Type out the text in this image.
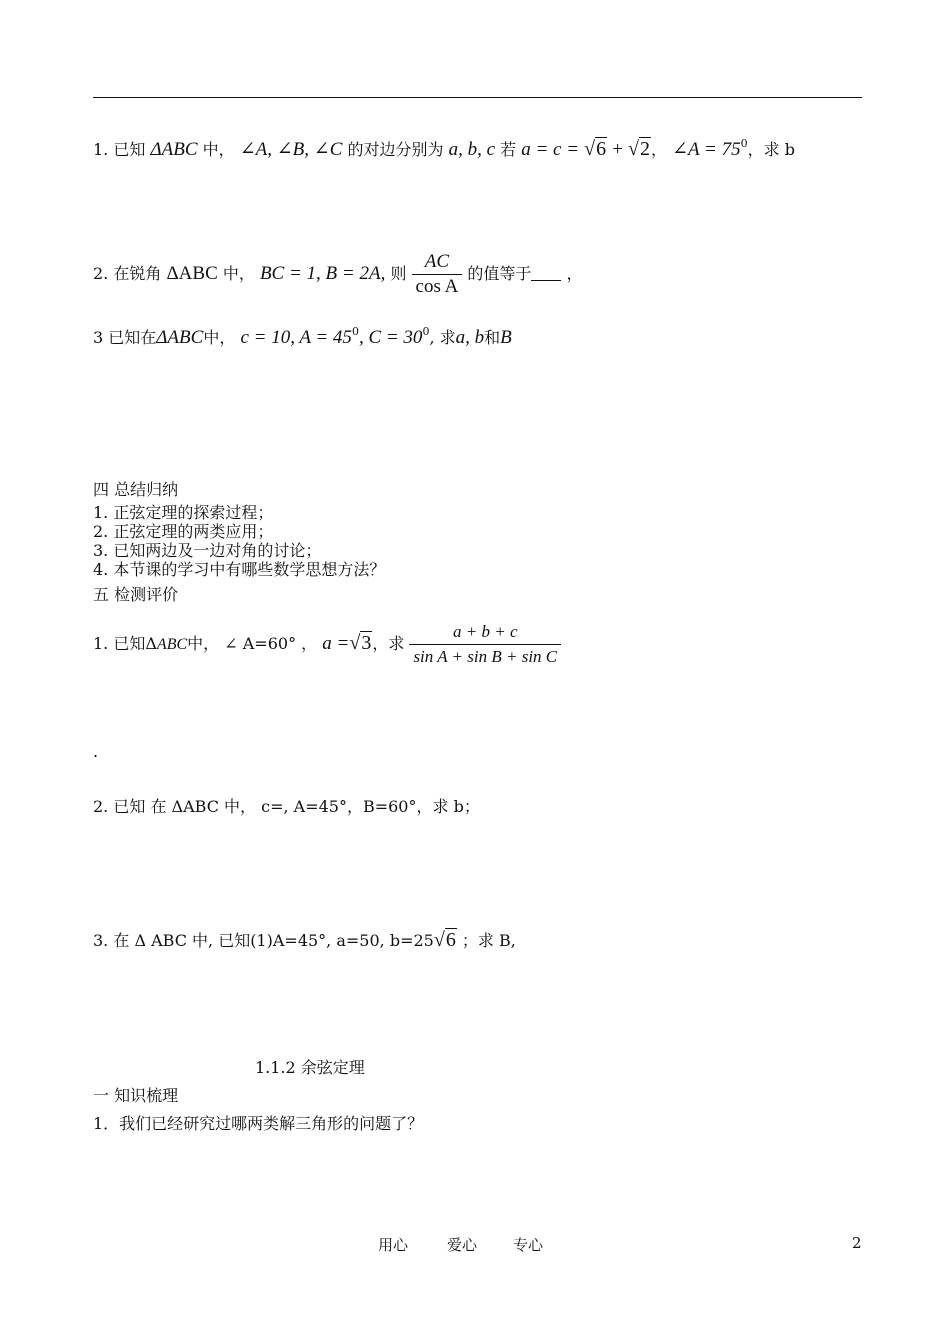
1. 已知 ΔABC 中， ∠A, ∠B, ∠C 的对边分别为 a, b, c 若 a = c = √6 + √2， ∠A = $75^0$，求 b
2. 在锐角 ΔABC 中， BC = 1, B = 2A, 则 $\frac{AC}{\text{cos A}}$ 的值等于 ，
3 已知在ΔABC中， c = 10, $A = 45^0$, $C = 30^0$, 求a, b和B
四 总结归纳
1. 正弦定理的探索过程；
2. 正弦定理的两类应用；
3. 已知两边及一边对角的讨论；
4. 本节课的学习中有哪些数学思想方法？
五 检测评价
1. 已知ΔABC中， ∠ A=60° ， a =√3，求 $\frac{a + b + c}{\text{sin A + sin B + sin C}}$
.
2. 已知 在 ΔABC 中， c=, A=45°，B=60°，求 b；
3. 在 Δ ABC 中, 已知(1)A=45°, a=50, b=25√6 ；求 B,
1.1.2 余弦定理
一 知识梳理
1．我们已经研究过哪两类解三角形的问题了？
用心	爱心 专心	2
